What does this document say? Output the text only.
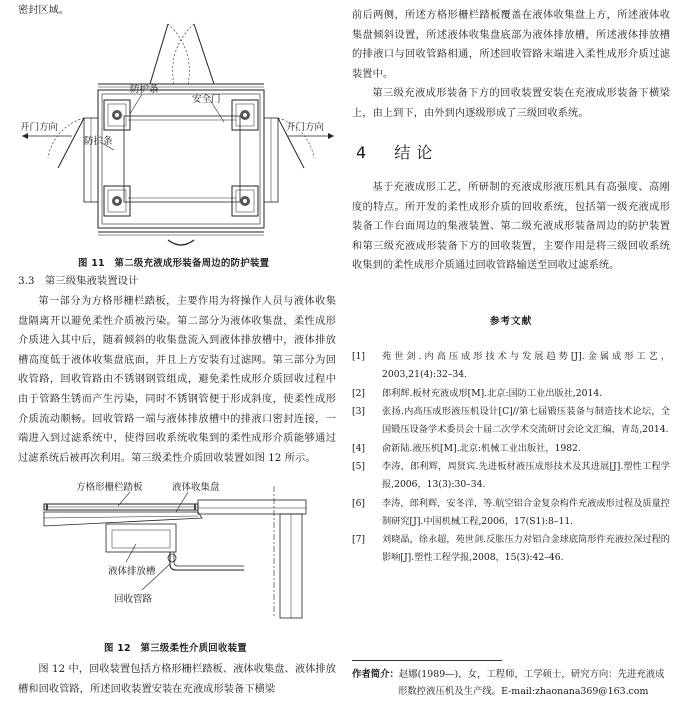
密封区域。
防护条
安全门
开门方向	开门方向
防护条
图 11　第二级充液成形装备周边的防护装置
3.3　第三级集液装置设计

第一部分为方格形栅栏踏板，主要作用为将操作人员与液体收集盘隔离开以避免柔性介质被污染。第二部分为液体收集盘，柔性成形介质进入其中后，随着倾斜的收集盘流入到液体排放槽中，液体排放槽高度低于液体收集盘底面，并且上方安装有过滤网。第三部分为回收管路，回收管路由不锈钢钢管组成，避免柔性成形介质回收过程中由于管路生锈而产生污染，同时不锈钢管便于形成斜度，使柔性成形介质流动顺畅。回收管路一端与液体排放槽中的排液口密封连接，一端进入到过滤系统中，使得回收系统收集到的柔性成形介质能够通过过滤系统后被再次利用。第三级柔性介质回收装置如图 12 所示。

方格形栅栏踏板	液体收集盘
液体排放槽
回收管路
图 12　第三级柔性介质回收装置

图 12 中，回收装置包括方格形栅栏踏板、液体收集盘、液体排放槽和回收管路，所述回收装置安装在充液成形装备下横梁

前后两侧，所述方格形栅栏踏板覆盖在液体收集盘上方，所述液体收集盘倾斜设置，所述液体收集盘底部为液体排放槽，所述液体排放槽的排液口与回收管路相通，所述回收管路末端进入柔性成形介质过滤装置中。

第三级充液成形装备下方的回收装置安装在充液成形装备下横梁上，由上到下，由外到内逐级形成了三级回收系统。

4　 结论

基于充液成形工艺，所研制的充液成形液压机具有高强度、高刚度的特点。所开发的柔性成形介质的回收系统，包括第一级充液成形装备工作台面周边的集液装置、第二级充液成形装备周边的防护装置和第三级充液成形装备下方的回收装置，主要作用是将三级回收系统收集到的柔性成形介质通过回收管路输送至回收过滤系统。

参考文献
[1]	苑世剑.内高压成形技术与发展趋势[J].金属成形工艺，2003,21(4):32–34.
[2]	郎利辉.板材充液成形[M].北京:国防工业出版社,2014.
[3]	张扬.内高压成形液压机设计[C]//第七届锻压装备与制造技术论坛，全国锻压设备学术委员会十届二次学术交流研讨会论文汇编，青岛,2014.
[4]	俞新陆.液压机[M].北京:机械工业出版社，1982.
[5]	李涛，郎利辉，周贤宾.先进板材液压成形技术及其进展[J].塑性工程学报,2006，13(3):30–34.
[6]	李涛，郎利辉，安冬洋，等.航空铝合金复杂构件充液成形过程及质量控制研究[J].中国机械工程,2006，17(S1):8–11.
[7]	刘晓晶，徐永超，苑世剑.反胀压力对铝合金球底筒形件充液拉深过程的影响[J].塑性工程学报,2008，15(3):42–46.
作者简介：赵娜(1989—)，女，工程师，工学硕士，研究方向：先进充液成
形数控液压机及生产线。E-mail:zhaonana369@163.com
